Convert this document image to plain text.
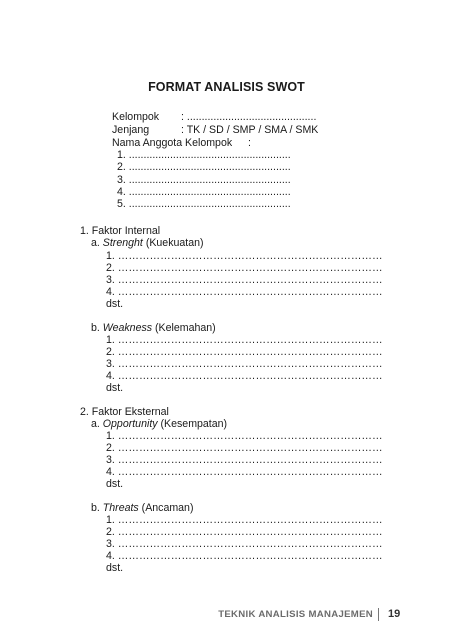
FORMAT ANALISIS SWOT
Kelompok : ............................................
Jenjang	: TK / SD / SMP / SMA / SMK
Nama Anggota Kelompok :
1. .......................................................
2. .......................................................
3. .......................................................
4. .......................................................
5. .......................................................
1. Faktor Internal
a. Strenght (Kuekuatan)
1. …………………………………………………………………
2. …………………………………………………………………
3. …………………………………………………………………
4. …………………………………………………………………
dst.
b. Weakness (Kelemahan)
1. …………………………………………………………………
2. …………………………………………………………………
3. …………………………………………………………………
4. …………………………………………………………………
dst.
2. Faktor Eksternal
a. Opportunity (Kesempatan)
1. …………………………………………………………………
2. …………………………………………………………………
3. …………………………………………………………………
4. …………………………………………………………………
dst.
b. Threats (Ancaman)
1. …………………………………………………………………
2. …………………………………………………………………
3. …………………………………………………………………
4. …………………………………………………………………
dst.
TEKNIK ANALISIS MANAJEMEN 19
